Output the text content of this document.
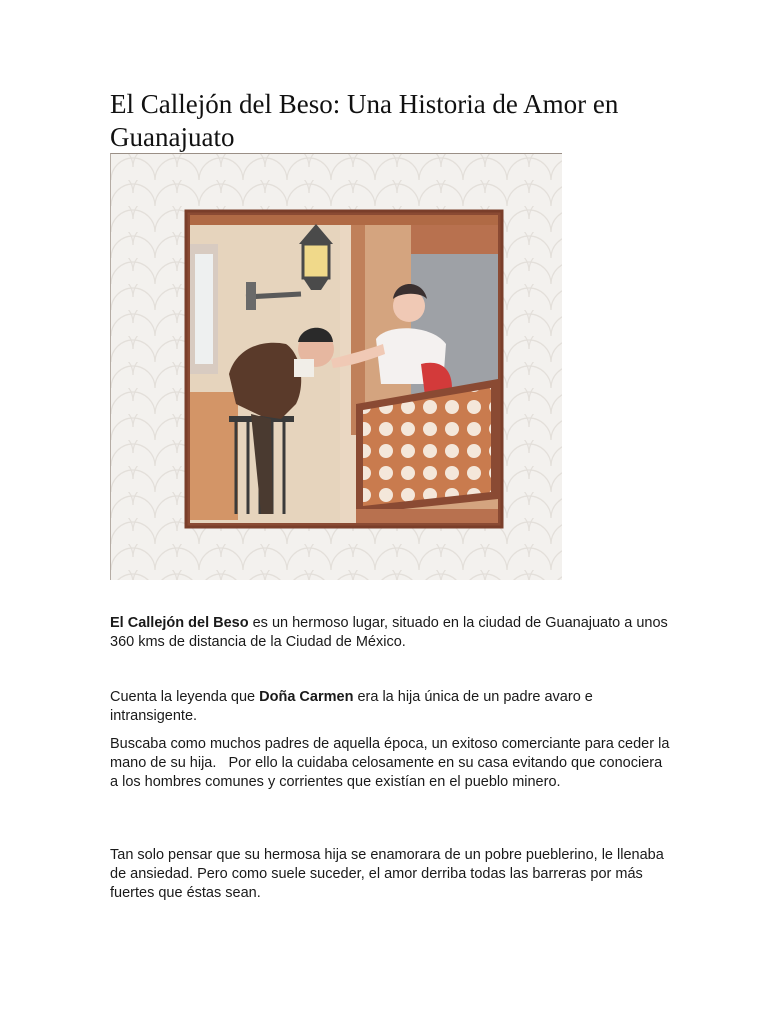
El Callejón del Beso: Una Historia de Amor en Guanajuato

El Callejón del Beso es un hermoso lugar, situado en la ciudad de Guanajuato a unos 360 kms de distancia de la Ciudad de México.

Cuenta la leyenda que Doña Carmen era la hija única de un padre avaro e intransigente.

Buscaba como muchos padres de aquella época, un exitoso comerciante para ceder la mano de su hija.   Por ello la cuidaba celosamente en su casa evitando que conociera a los hombres comunes y corrientes que existían en el pueblo minero.

Tan solo pensar que su hermosa hija se enamorara de un pobre pueblerino, le llenaba de ansiedad. Pero como suele suceder, el amor derriba todas las barreras por más fuertes que éstas sean.
